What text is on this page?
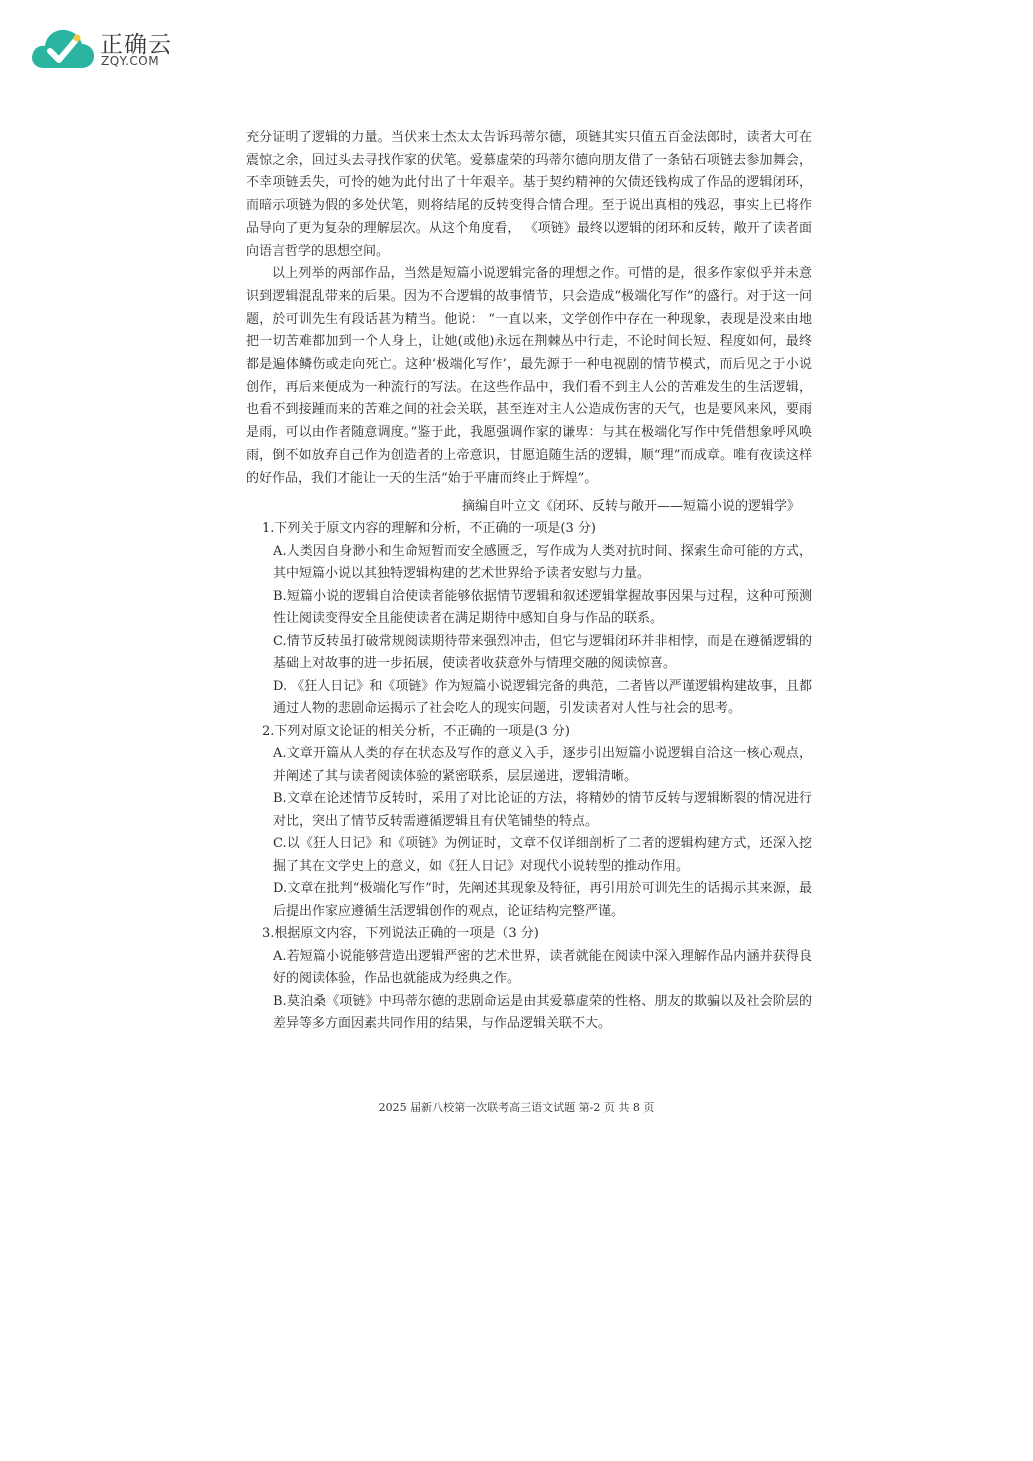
正确云
ZQY.COM

充分证明了逻辑的力量。当伏来士杰太太告诉玛蒂尔德，项链其实只值五百金法郎时，读者大可在震惊之余，回过头去寻找作家的伏笔。爱慕虚荣的玛蒂尔德向朋友借了一条钻石项链去参加舞会，不幸项链丢失，可怜的她为此付出了十年艰辛。基于契约精神的欠债还钱构成了作品的逻辑闭环，而暗示项链为假的多处伏笔，则将结尾的反转变得合情合理。至于说出真相的残忍，事实上已将作品导向了更为复杂的理解层次。从这个角度看， 《项链》最终以逻辑的闭环和反转，敞开了读者面向语言哲学的思想空间。

以上列举的两部作品，当然是短篇小说逻辑完备的理想之作。可惜的是，很多作家似乎并未意识到逻辑混乱带来的后果。因为不合逻辑的故事情节，只会造成“极端化写作”的盛行。对于这一问题，於可训先生有段话甚为精当。他说： “一直以来，文学创作中存在一种现象，表现是没来由地把一切苦难都加到一个人身上，让她(或他)永远在荆棘丛中行走，不论时间长短、程度如何，最终都是遍体鳞伤或走向死亡。这种‘极端化写作’，最先源于一种电视剧的情节模式，而后见之于小说创作，再后来便成为一种流行的写法。在这些作品中，我们看不到主人公的苦难发生的生活逻辑，也看不到接踵而来的苦难之间的社会关联，甚至连对主人公造成伤害的天气，也是要风来风，要雨是雨，可以由作者随意调度。”鉴于此，我愿强调作家的谦卑：与其在极端化写作中凭借想象呼风唤雨，倒不如放弃自己作为创造者的上帝意识，甘愿追随生活的逻辑，顺“理”而成章。唯有夜读这样的好作品，我们才能让一天的生活“始于平庸而终止于辉煌”。

摘编自叶立文《闭环、反转与敞开——短篇小说的逻辑学》

1.下列关于原文内容的理解和分析，不正确的一项是(3 分)

A.人类因自身渺小和生命短暂而安全感匮乏，写作成为人类对抗时间、探索生命可能的方式，其中短篇小说以其独特逻辑构建的艺术世界给予读者安慰与力量。

B.短篇小说的逻辑自洽使读者能够依据情节逻辑和叙述逻辑掌握故事因果与过程，这种可预测性让阅读变得安全且能使读者在满足期待中感知自身与作品的联系。

C.情节反转虽打破常规阅读期待带来强烈冲击，但它与逻辑闭环并非相悖，而是在遵循逻辑的基础上对故事的进一步拓展，使读者收获意外与情理交融的阅读惊喜。

D. 《狂人日记》和《项链》作为短篇小说逻辑完备的典范，二者皆以严谨逻辑构建故事，且都通过人物的悲剧命运揭示了社会吃人的现实问题，引发读者对人性与社会的思考。

2.下列对原文论证的相关分析，不正确的一项是(3 分)

A.文章开篇从人类的存在状态及写作的意义入手，逐步引出短篇小说逻辑自洽这一核心观点，并阐述了其与读者阅读体验的紧密联系，层层递进，逻辑清晰。

B.文章在论述情节反转时，采用了对比论证的方法，将精妙的情节反转与逻辑断裂的情况进行对比，突出了情节反转需遵循逻辑且有伏笔铺垫的特点。

C.以《狂人日记》和《项链》为例证时，文章不仅详细剖析了二者的逻辑构建方式，还深入挖掘了其在文学史上的意义，如《狂人日记》对现代小说转型的推动作用。

D.文章在批判“极端化写作”时，先阐述其现象及特征，再引用於可训先生的话揭示其来源，最后提出作家应遵循生活逻辑创作的观点，论证结构完整严谨。

3.根据原文内容，下列说法正确的一项是（3 分)

A.若短篇小说能够营造出逻辑严密的艺术世界，读者就能在阅读中深入理解作品内涵并获得良好的阅读体验，作品也就能成为经典之作。

B.莫泊桑《项链》中玛蒂尔德的悲剧命运是由其爱慕虚荣的性格、朋友的欺骗以及社会阶层的差异等多方面因素共同作用的结果，与作品逻辑关联不大。

2025 届新八校第一次联考高三语文试题 第-2 页 共 8 页
